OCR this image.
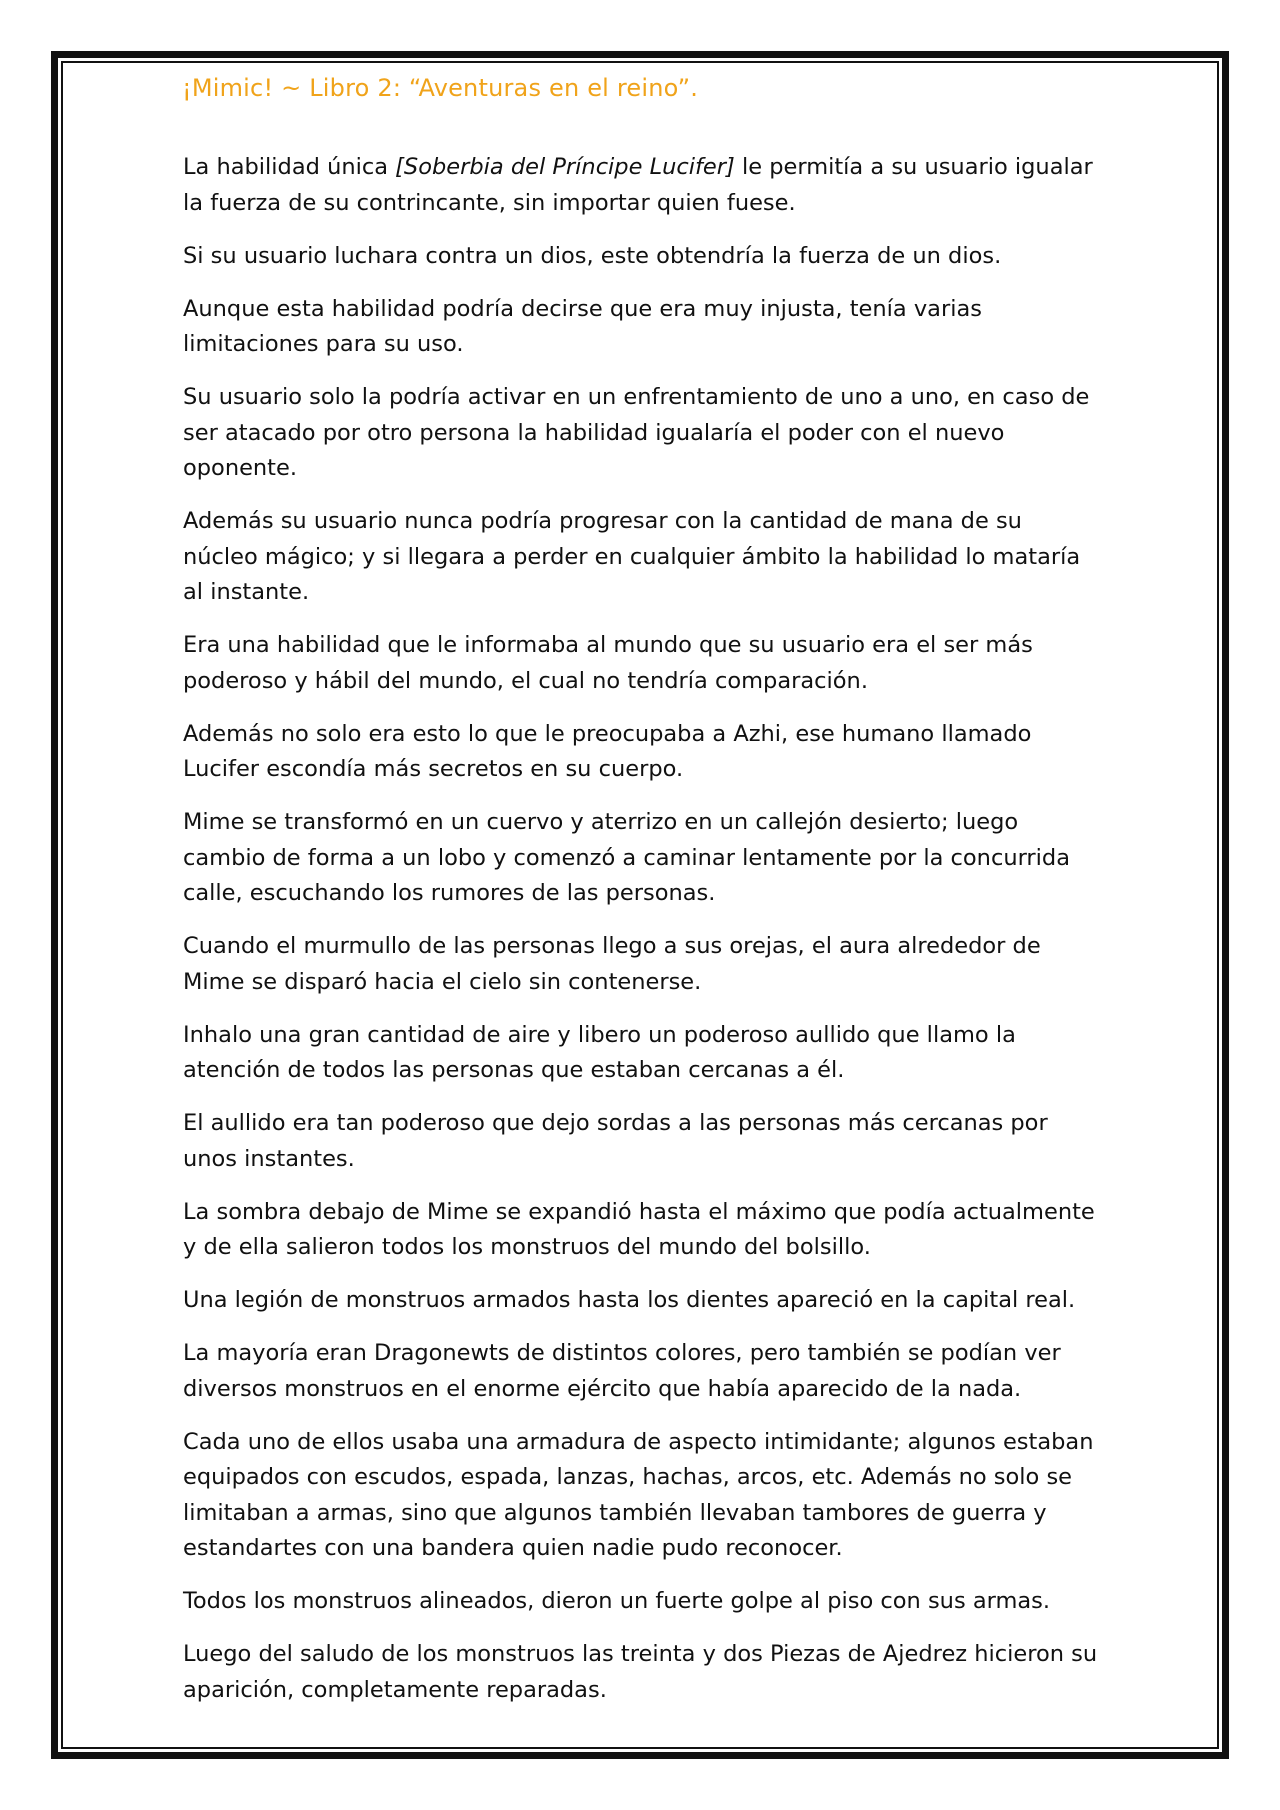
¡Mimic! ~ Libro 2: “Aventuras en el reino”.

La habilidad única [Soberbia del Príncipe Lucifer] le permitía a su usuario igualar la fuerza de su contrincante, sin importar quien fuese.

Si su usuario luchara contra un dios, este obtendría la fuerza de un dios.

Aunque esta habilidad podría decirse que era muy injusta, tenía varias limitaciones para su uso.

Su usuario solo la podría activar en un enfrentamiento de uno a uno, en caso de ser atacado por otro persona la habilidad igualaría el poder con el nuevo oponente.

Además su usuario nunca podría progresar con la cantidad de mana de su núcleo mágico; y si llegara a perder en cualquier ámbito la habilidad lo mataría al instante.

Era una habilidad que le informaba al mundo que su usuario era el ser más poderoso y hábil del mundo, el cual no tendría comparación.

Además no solo era esto lo que le preocupaba a Azhi, ese humano llamado Lucifer escondía más secretos en su cuerpo.

Mime se transformó en un cuervo y aterrizo en un callejón desierto; luego cambio de forma a un lobo y comenzó a caminar lentamente por la concurrida calle, escuchando los rumores de las personas.

Cuando el murmullo de las personas llego a sus orejas, el aura alrededor de Mime se disparó hacia el cielo sin contenerse.

Inhalo una gran cantidad de aire y libero un poderoso aullido que llamo la atención de todos las personas que estaban cercanas a él.

El aullido era tan poderoso que dejo sordas a las personas más cercanas por unos instantes.

La sombra debajo de Mime se expandió hasta el máximo que podía actualmente y de ella salieron todos los monstruos del mundo del bolsillo.

Una legión de monstruos armados hasta los dientes apareció en la capital real.

La mayoría eran Dragonewts de distintos colores, pero también se podían ver diversos monstruos en el enorme ejército que había aparecido de la nada.

Cada uno de ellos usaba una armadura de aspecto intimidante; algunos estaban equipados con escudos, espada, lanzas, hachas, arcos, etc. Además no solo se limitaban a armas, sino que algunos también llevaban tambores de guerra y estandartes con una bandera quien nadie pudo reconocer.

Todos los monstruos alineados, dieron un fuerte golpe al piso con sus armas.

Luego del saludo de los monstruos las treinta y dos Piezas de Ajedrez hicieron su aparición, completamente reparadas.
